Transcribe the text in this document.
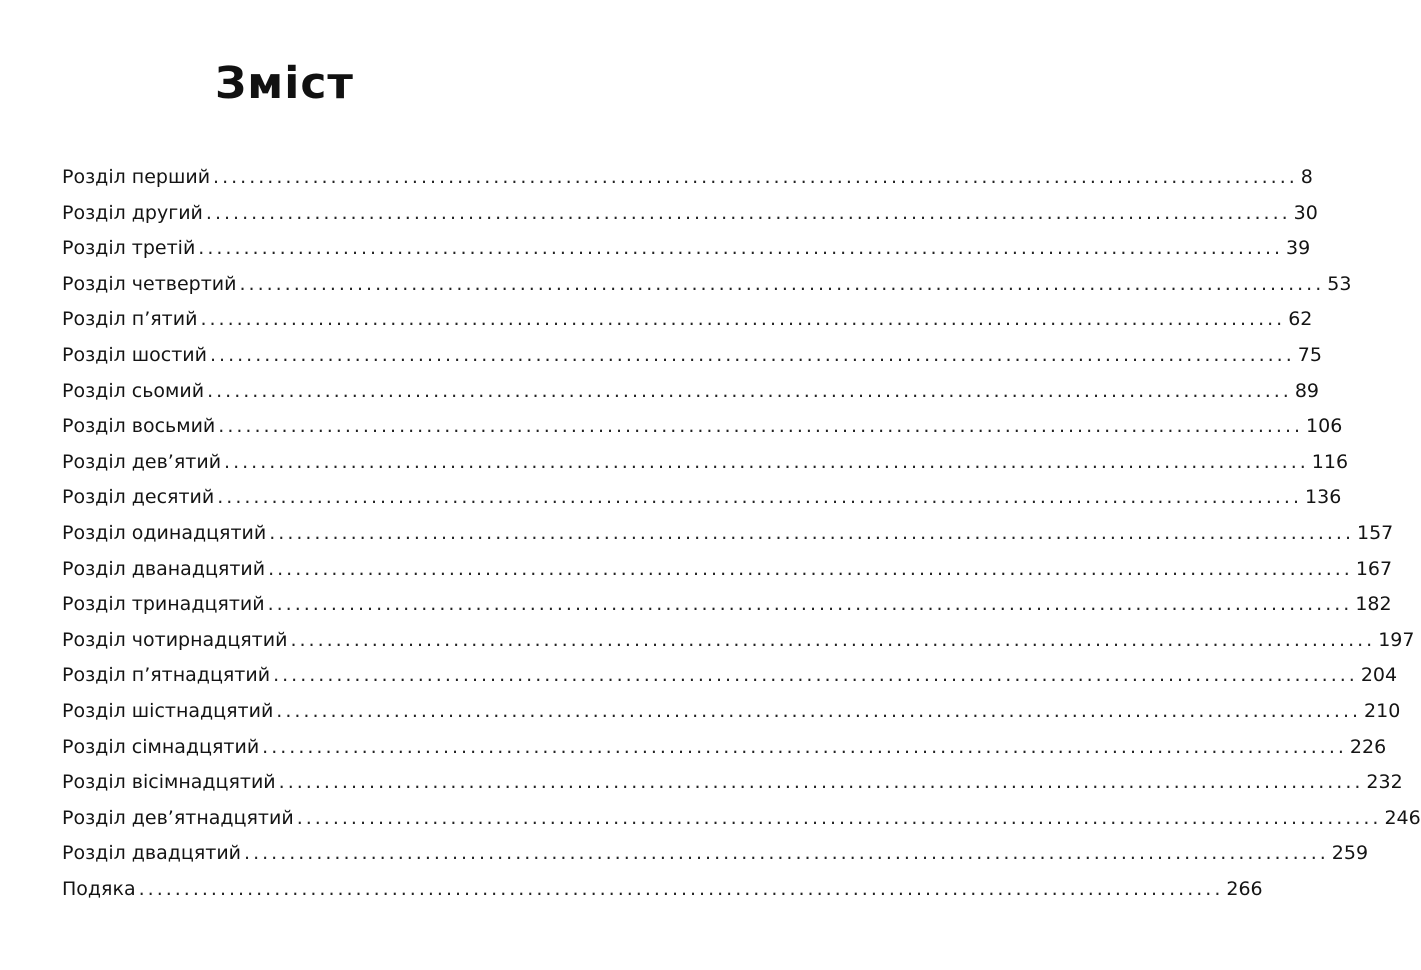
Зміст
Розділ перший ........................................................................................................................ 8
Розділ другий ........................................................................................................................ 30
Розділ третій ........................................................................................................................ 39
Розділ четвертий ........................................................................................................................ 53
Розділ п’ятий ........................................................................................................................ 62
Розділ шостий ........................................................................................................................ 75
Розділ сьомий ........................................................................................................................ 89
Розділ восьмий ........................................................................................................................ 106
Розділ дев’ятий ........................................................................................................................ 116
Розділ десятий ........................................................................................................................ 136
Розділ одинадцятий ........................................................................................................................ 157
Розділ дванадцятий ........................................................................................................................ 167
Розділ тринадцятий ........................................................................................................................ 182
Розділ чотирнадцятий ........................................................................................................................ 197
Розділ п’ятнадцятий ........................................................................................................................ 204
Розділ шістнадцятий ........................................................................................................................ 210
Розділ сімнадцятий ........................................................................................................................ 226
Розділ вісімнадцятий ........................................................................................................................ 232
Розділ дев’ятнадцятий ........................................................................................................................ 246
Розділ двадцятий ........................................................................................................................ 259
Подяка ........................................................................................................................ 266
